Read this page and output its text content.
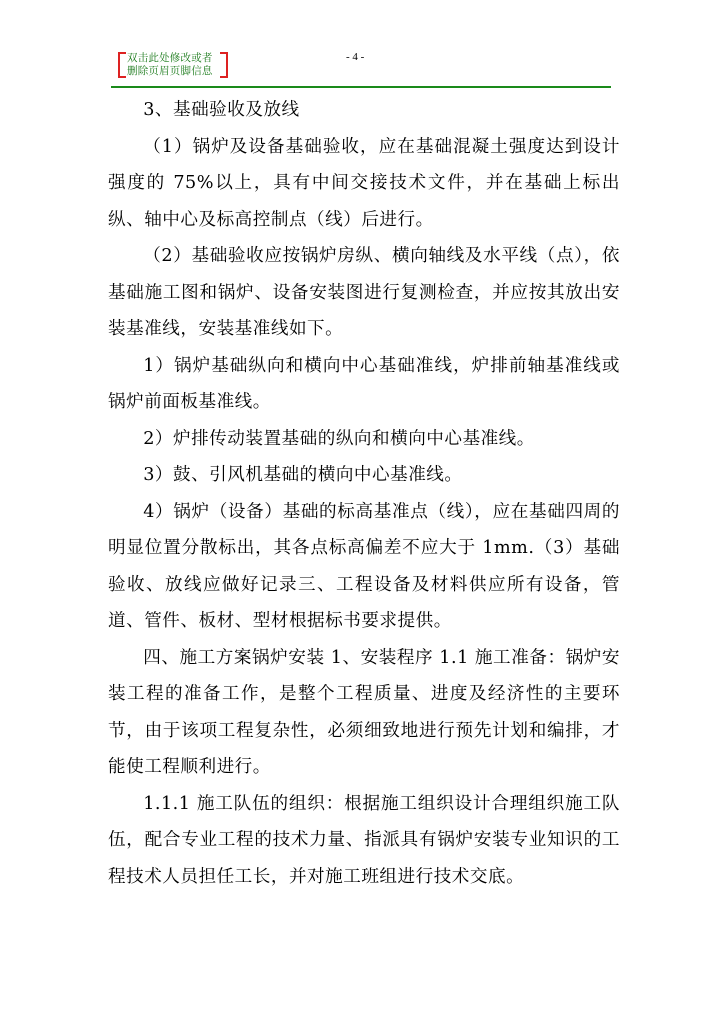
双击此处修改或者
删除页眉页脚信息
- 4 -

3、基础验收及放线

（1）锅炉及设备基础验收，应在基础混凝土强度达到设计强度的 75%以上，具有中间交接技术文件，并在基础上标出纵、轴中心及标高控制点（线）后进行。

（2）基础验收应按锅炉房纵、横向轴线及水平线（点），依基础施工图和锅炉、设备安装图进行复测检查，并应按其放出安装基准线，安装基准线如下。

1）锅炉基础纵向和横向中心基础准线，炉排前轴基准线或锅炉前面板基准线。

2）炉排传动装置基础的纵向和横向中心基准线。

3）鼓、引风机基础的横向中心基准线。

4）锅炉（设备）基础的标高基准点（线），应在基础四周的明显位置分散标出，其各点标高偏差不应大于 1mm.（3）基础验收、放线应做好记录三、工程设备及材料供应所有设备，管道、管件、板材、型材根据标书要求提供。

四、施工方案锅炉安装 1、安装程序 1.1 施工准备：锅炉安装工程的准备工作，是整个工程质量、进度及经济性的主要环节，由于该项工程复杂性，必须细致地进行预先计划和编排，才能使工程顺利进行。

1.1.1 施工队伍的组织：根据施工组织设计合理组织施工队伍，配合专业工程的技术力量、指派具有锅炉安装专业知识的工程技术人员担任工长，并对施工班组进行技术交底。
